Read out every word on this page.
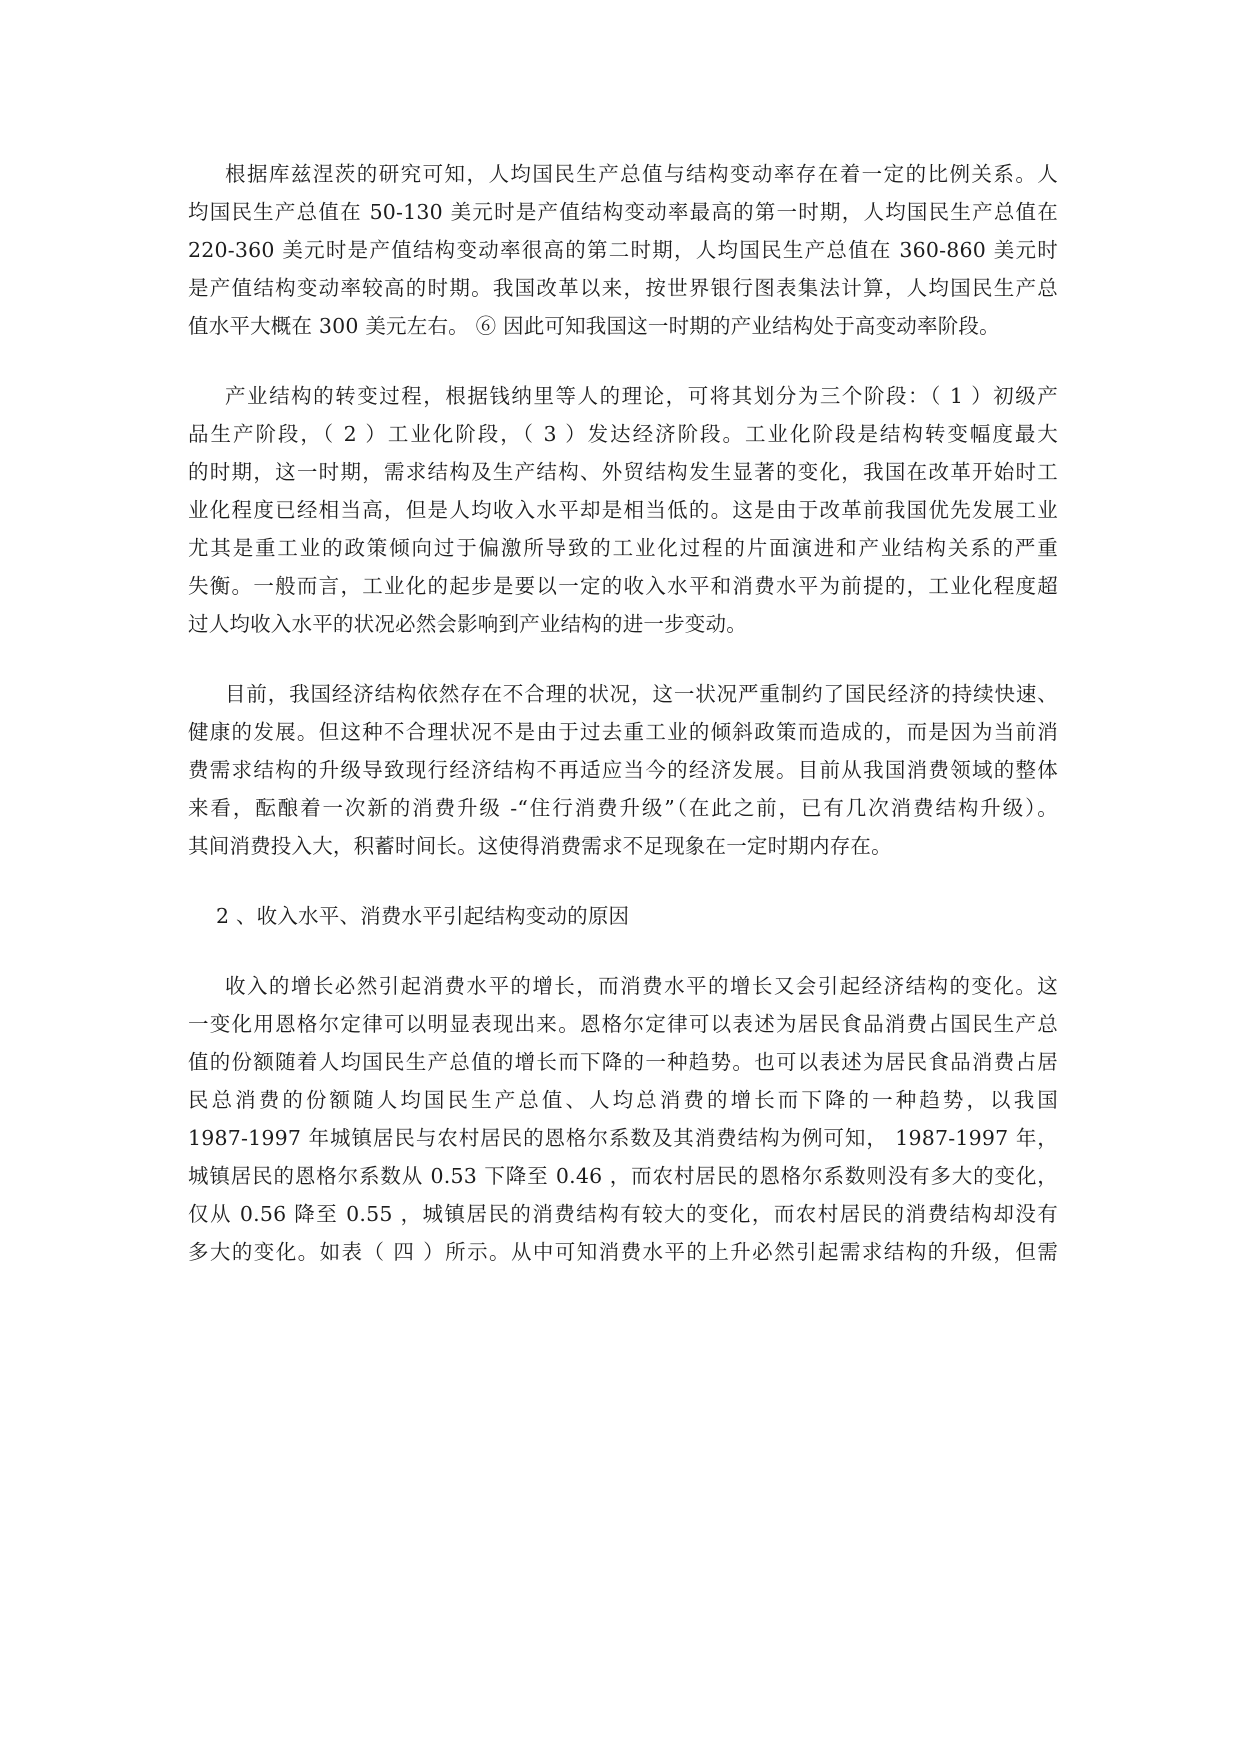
根据库兹涅茨的研究可知，人均国民生产总值与结构变动率存在着一定的比例关系。人
均国民生产总值在 50-130 美元时是产值结构变动率最高的第一时期，人均国民生产总值在
220-360 美元时是产值结构变动率很高的第二时期，人均国民生产总值在 360-860 美元时
是产值结构变动率较高的时期。我国改革以来，按世界银行图表集法计算，人均国民生产总
值水平大概在 300 美元左右。 ⑥ 因此可知我国这一时期的产业结构处于高变动率阶段。

产业结构的转变过程，根据钱纳里等人的理论，可将其划分为三个阶段：（ 1 ）初级产
品生产阶段，（ 2 ）工业化阶段，（ 3 ）发达经济阶段。工业化阶段是结构转变幅度最大
的时期，这一时期，需求结构及生产结构、外贸结构发生显著的变化，我国在改革开始时工
业化程度已经相当高，但是人均收入水平却是相当低的。这是由于改革前我国优先发展工业
尤其是重工业的政策倾向过于偏激所导致的工业化过程的片面演进和产业结构关系的严重
失衡。一般而言，工业化的起步是要以一定的收入水平和消费水平为前提的，工业化程度超
过人均收入水平的状况必然会影响到产业结构的进一步变动。

目前，我国经济结构依然存在不合理的状况，这一状况严重制约了国民经济的持续快速、
健康的发展。但这种不合理状况不是由于过去重工业的倾斜政策而造成的，而是因为当前消
费需求结构的升级导致现行经济结构不再适应当今的经济发展。目前从我国消费领域的整体
来看，酝酿着一次新的消费升级 -“住行消费升级”（在此之前，已有几次消费结构升级）。
其间消费投入大，积蓄时间长。这使得消费需求不足现象在一定时期内存在。

2 、收入水平、消费水平引起结构变动的原因

收入的增长必然引起消费水平的增长，而消费水平的增长又会引起经济结构的变化。这
一变化用恩格尔定律可以明显表现出来。恩格尔定律可以表述为居民食品消费占国民生产总
值的份额随着人均国民生产总值的增长而下降的一种趋势。也可以表述为居民食品消费占居
民总消费的份额随人均国民生产总值、人均总消费的增长而下降的一种趋势，以我国
1987-1997 年城镇居民与农村居民的恩格尔系数及其消费结构为例可知， 1987-1997 年，
城镇居民的恩格尔系数从 0.53 下降至 0.46 ，而农村居民的恩格尔系数则没有多大的变化，
仅从 0.56 降至 0.55 ，城镇居民的消费结构有较大的变化，而农村居民的消费结构却没有
多大的变化。如表（ 四 ）所示。从中可知消费水平的上升必然引起需求结构的升级，但需
